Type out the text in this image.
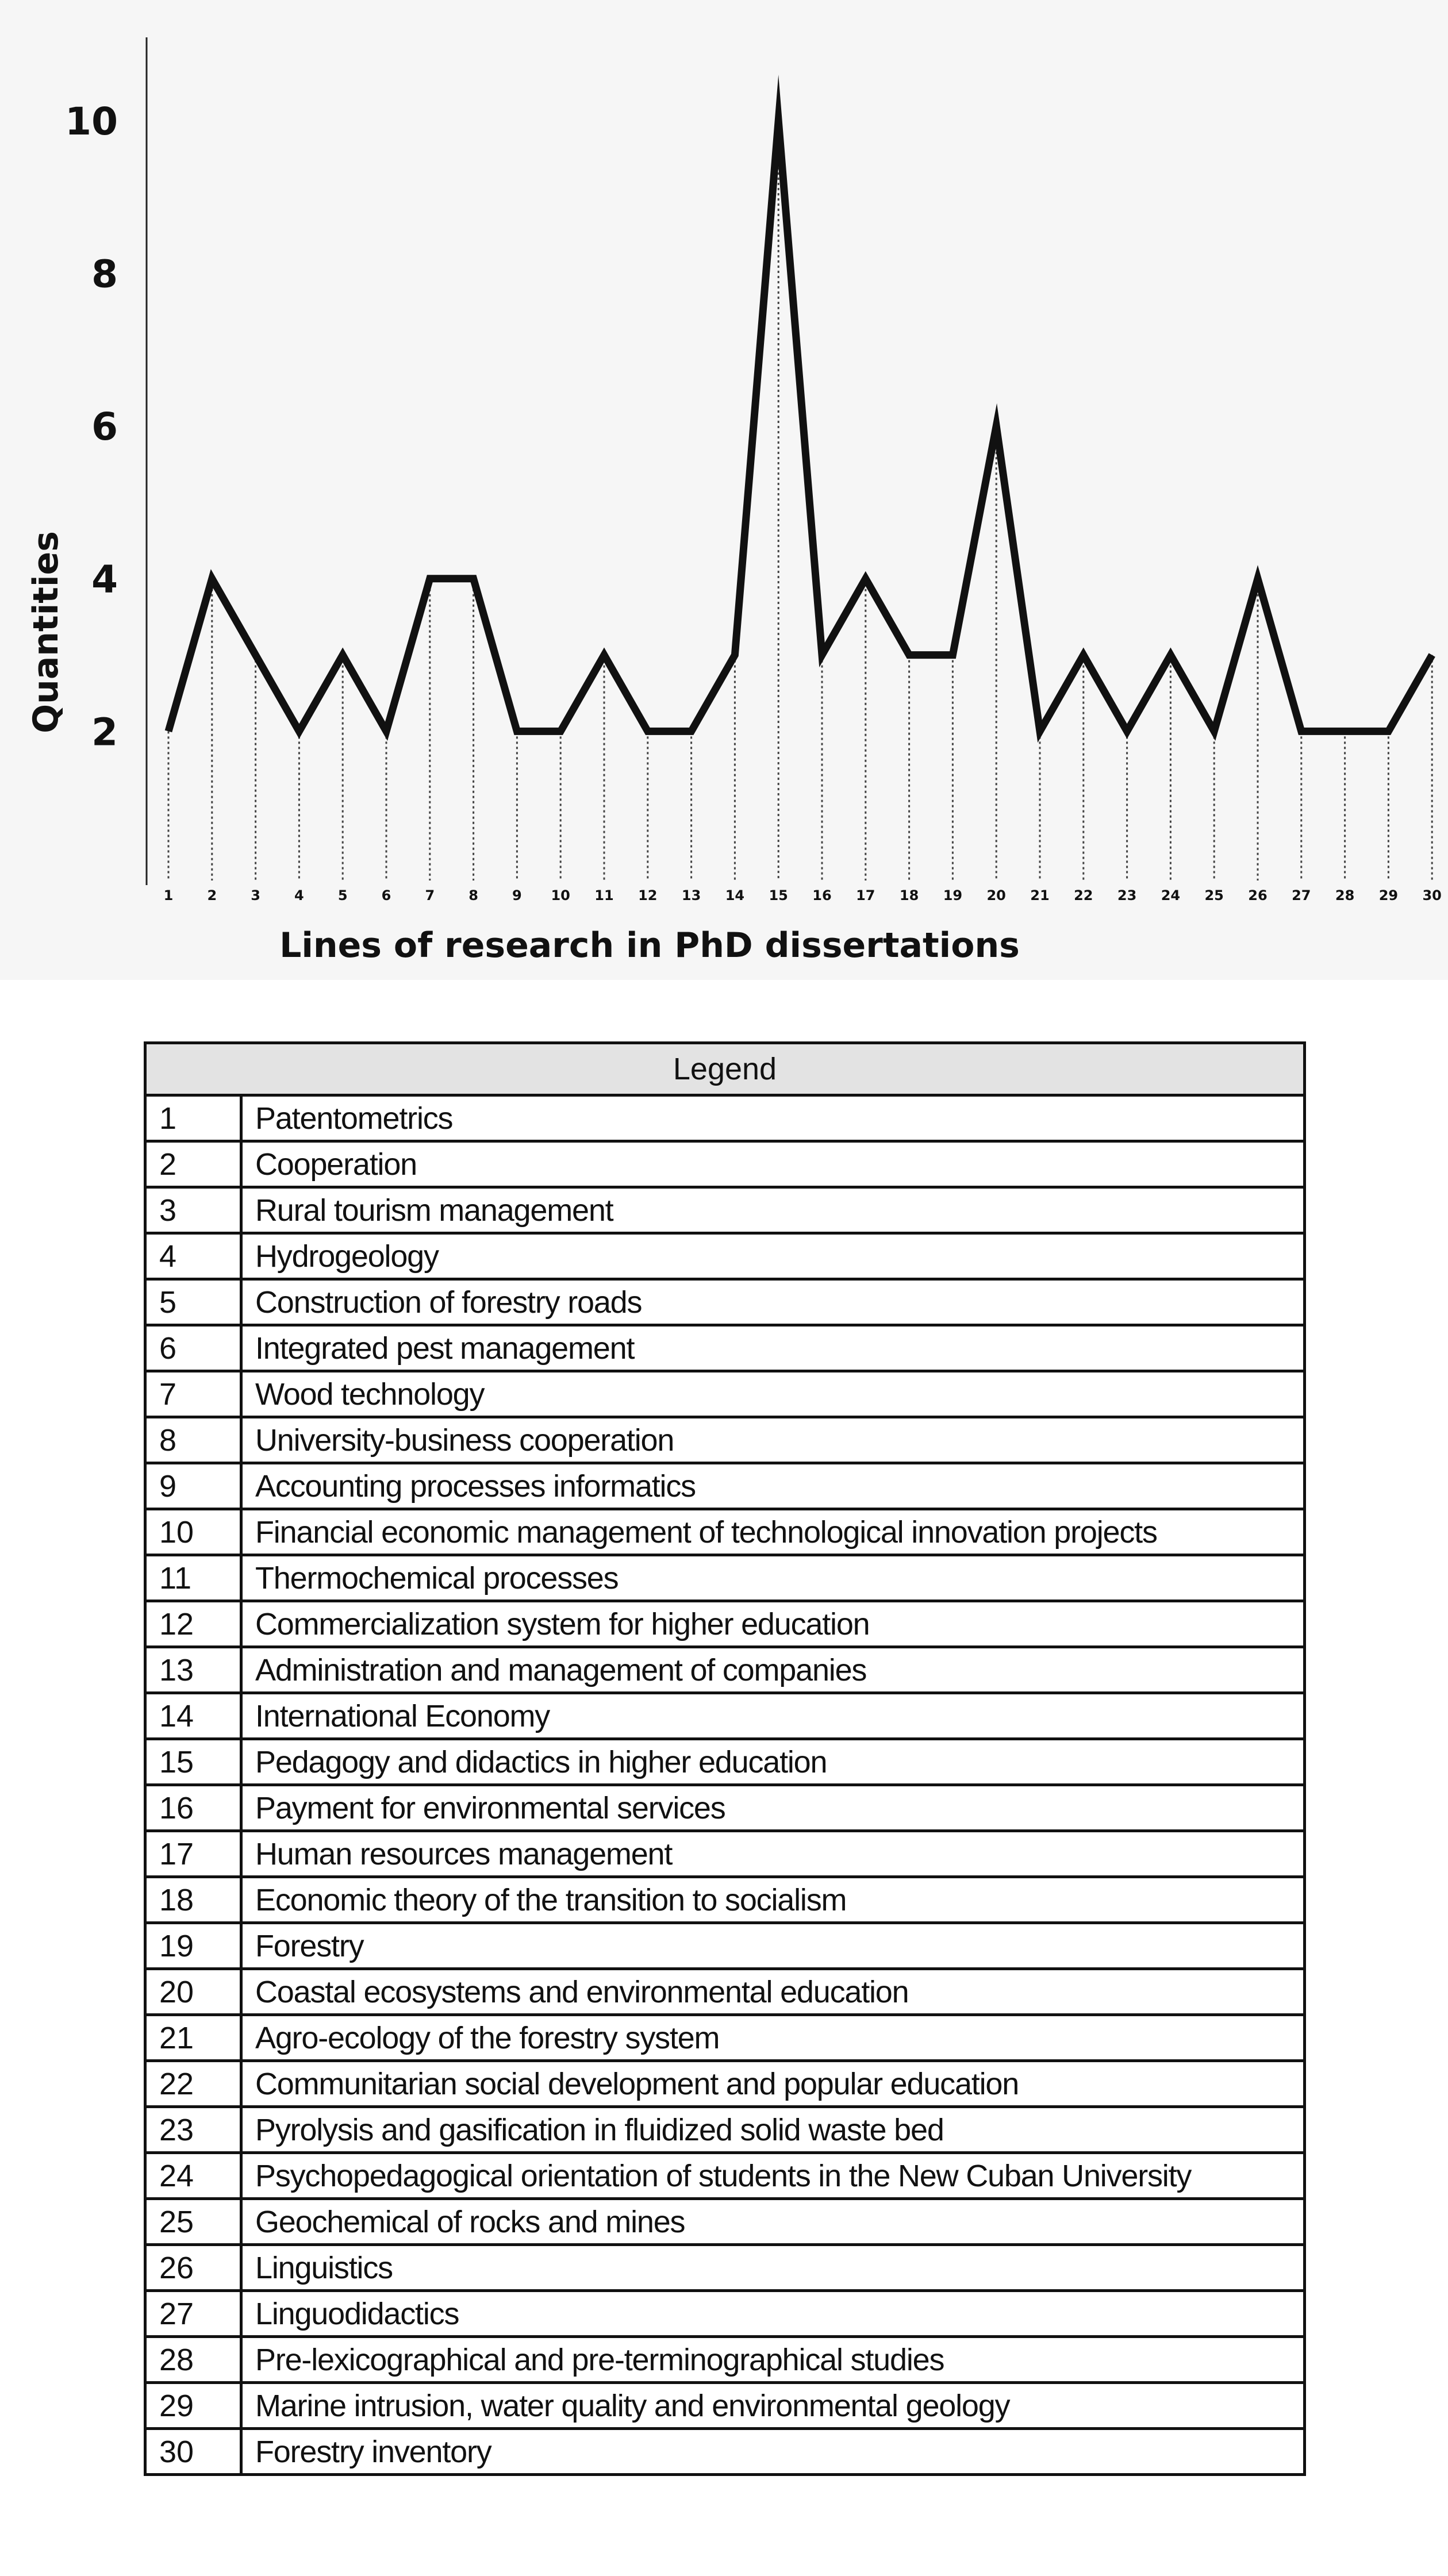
2
4
6
8
10
1 2 3 4 5 6 7 8 9 10 11 12 13 14 15 16 17 18 19 20 21 22 23 24 25 26 27 28 29 30
Quantities
Lines of research in PhD dissertations
Legend	
1	Patentometrics
2	Cooperation
3	Rural tourism management
4	Hydrogeology
5	Construction of forestry roads
6	Integrated pest management
7	Wood technology
8	University-business cooperation
9	Accounting processes informatics
10	Financial economic management of technological innovation projects
11	Thermochemical processes
12	Commercialization system for higher education
13	Administration and management of companies
14	International Economy
15	Pedagogy and didactics in higher education
16	Payment for environmental services
17	Human resources management
18	Economic theory of the transition to socialism
19	Forestry
20	Coastal ecosystems and environmental education
21	Agro-ecology of the forestry system
22	Communitarian social development and popular education
23	Pyrolysis and gasification in fluidized solid waste bed
24	Psychopedagogical orientation of students in the New Cuban University
25	Geochemical of rocks and mines
26	Linguistics
27	Linguodidactics
28	Pre-lexicographical and pre-terminographical studies
29	Marine intrusion, water quality and environmental geology
30	Forestry inventory
